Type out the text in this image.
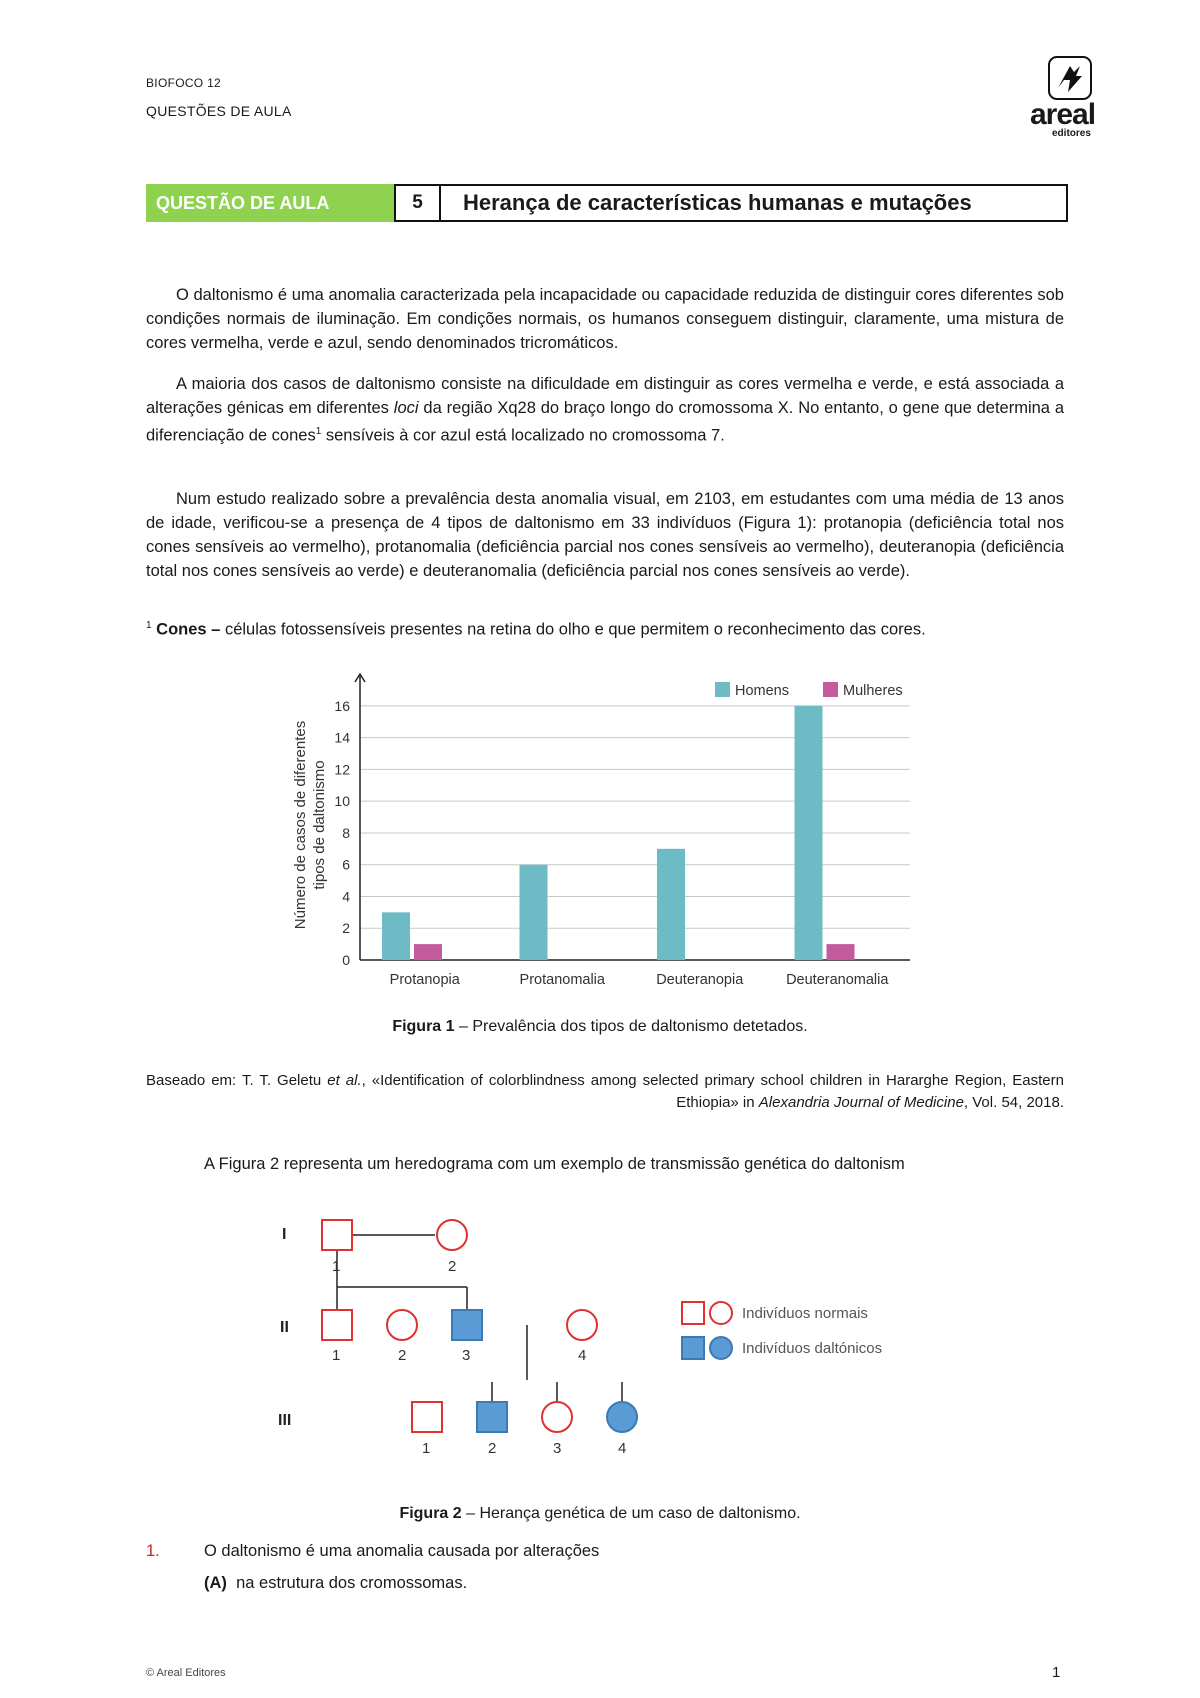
BIOFOCO 12
QUESTÕES DE AULA	areal
editores
QUESTÃO DE AULA	5	Herança de características humanas e mutações

O daltonismo é uma anomalia caracterizada pela incapacidade ou capacidade reduzida de distinguir cores diferentes sob condições normais de iluminação. Em condições normais, os humanos conseguem distinguir, claramente, uma mistura de cores vermelha, verde e azul, sendo denominados tricromáticos.

A maioria dos casos de daltonismo consiste na dificuldade em distinguir as cores vermelha e verde, e está associada a alterações génicas em diferentes loci da região Xq28 do braço longo do cromossoma X. No entanto, o gene que determina a diferenciação de cones$^1$ sensíveis à cor azul está localizado no cromossoma 7.

Num estudo realizado sobre a prevalência desta anomalia visual, em 2103, em estudantes com uma média de 13 anos de idade, verificou-se a presença de 4 tipos de daltonismo em 33 indivíduos (Figura 1): protanopia (deficiência total nos cones sensíveis ao vermelho), protanomalia (deficiência parcial nos cones sensíveis ao vermelho), deuteranopia (deficiência total nos cones sensíveis ao verde) e deuteranomalia (deficiência parcial nos cones sensíveis ao verde).

$^1$ Cones – células fotossensíveis presentes na retina do olho e que permitem o reconhecimento das cores.
0
2
4
6
8
10
12
14
16
Número de casos de diferentes tipos de daltonismo
Protanopia	Protanomalia	Deuteranopia	Deuteranomalia
Homens	Mulheres
Figura 1 – Prevalência dos tipos de daltonismo detetados.
Baseado em: T. T. Geletu et al., «Identification of colorblindness among selected primary school children in Hararghe Region, Eastern Ethiopia» in Alexandria Journal of Medicine, Vol. 54, 2018.
A Figura 2 representa um heredograma com um exemplo de transmissão genética do daltonism
I
II
III
1	2
1	2	3	4
1	2	3	4
Indivíduos normais
Indivíduos daltónicos
Figura 2 – Herança genética de um caso de daltonismo.
1.	O daltonismo é uma anomalia causada por alterações
(A) na estrutura dos cromossomas.
© Areal Editores	1
